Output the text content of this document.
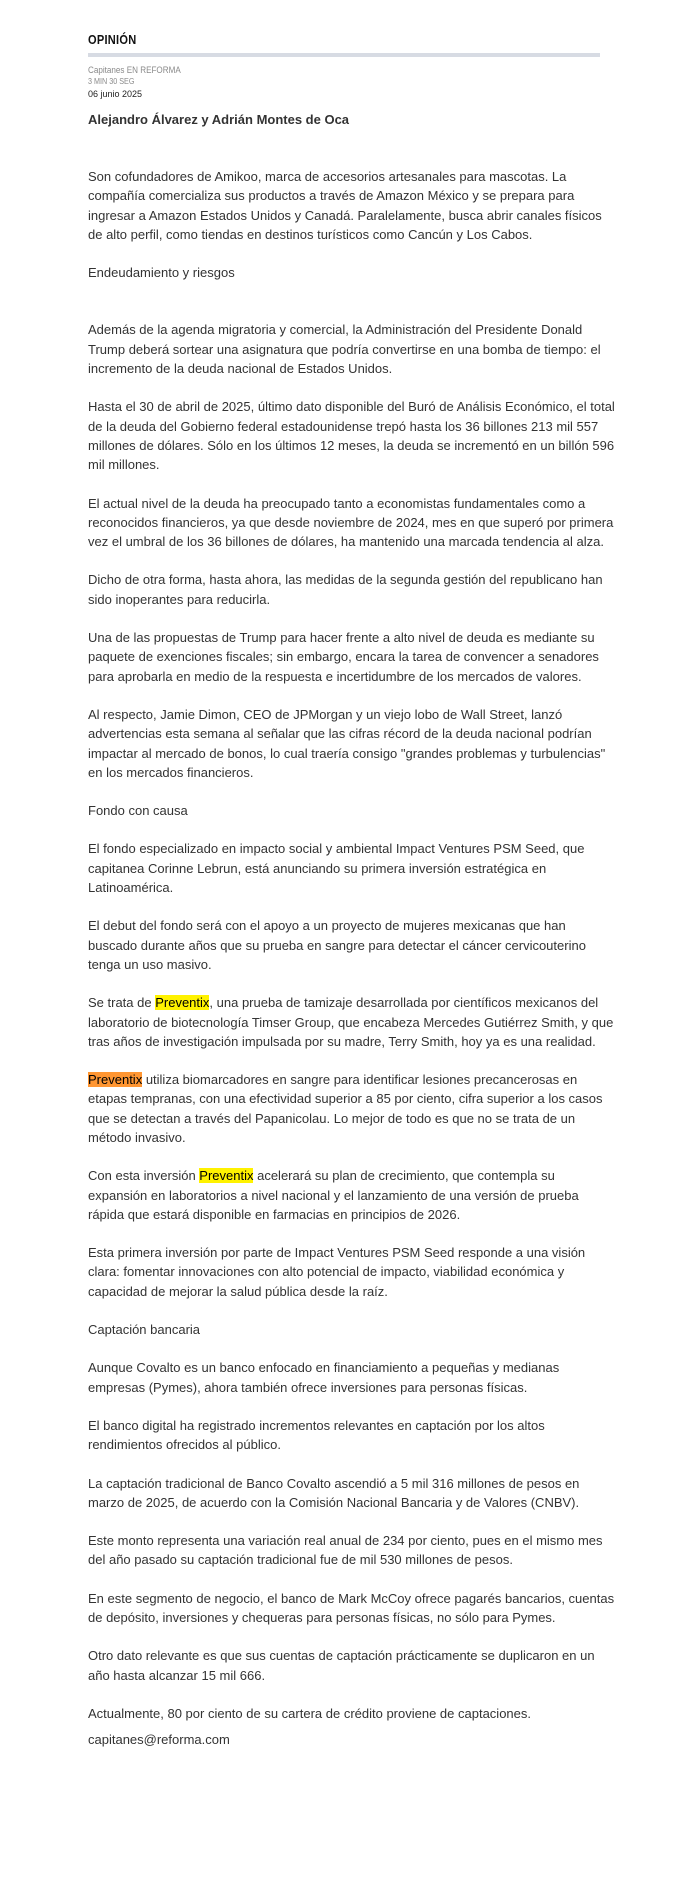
OPINIÓN
Capitanes EN REFORMA
3 MIN 30 SEG
06 junio 2025
Alejandro Álvarez y Adrián Montes de Oca

Son cofundadores de Amikoo, marca de accesorios artesanales para mascotas. La compañía comercializa sus productos a través de Amazon México y se prepara para ingresar a Amazon Estados Unidos y Canadá. Paralelamente, busca abrir canales físicos de alto perfil, como tiendas en destinos turísticos como Cancún y Los Cabos.

Endeudamiento y riesgos

Además de la agenda migratoria y comercial, la Administración del Presidente Donald Trump deberá sortear una asignatura que podría convertirse en una bomba de tiempo: el incremento de la deuda nacional de Estados Unidos.

Hasta el 30 de abril de 2025, último dato disponible del Buró de Análisis Económico, el total de la deuda del Gobierno federal estadounidense trepó hasta los 36 billones 213 mil 557 millones de dólares. Sólo en los últimos 12 meses, la deuda se incrementó en un billón 596 mil millones.

El actual nivel de la deuda ha preocupado tanto a economistas fundamentales como a reconocidos financieros, ya que desde noviembre de 2024, mes en que superó por primera vez el umbral de los 36 billones de dólares, ha mantenido una marcada tendencia al alza.

Dicho de otra forma, hasta ahora, las medidas de la segunda gestión del republicano han sido inoperantes para reducirla.

Una de las propuestas de Trump para hacer frente a alto nivel de deuda es mediante su paquete de exenciones fiscales; sin embargo, encara la tarea de convencer a senadores para aprobarla en medio de la respuesta e incertidumbre de los mercados de valores.

Al respecto, Jamie Dimon, CEO de JPMorgan y un viejo lobo de Wall Street, lanzó advertencias esta semana al señalar que las cifras récord de la deuda nacional podrían impactar al mercado de bonos, lo cual traería consigo "grandes problemas y turbulencias" en los mercados financieros.

Fondo con causa

El fondo especializado en impacto social y ambiental Impact Ventures PSM Seed, que capitanea Corinne Lebrun, está anunciando su primera inversión estratégica en Latinoamérica.

El debut del fondo será con el apoyo a un proyecto de mujeres mexicanas que han buscado durante años que su prueba en sangre para detectar el cáncer cervicouterino tenga un uso masivo.

Se trata de Preventix, una prueba de tamizaje desarrollada por científicos mexicanos del laboratorio de biotecnología Timser Group, que encabeza Mercedes Gutiérrez Smith, y que tras años de investigación impulsada por su madre, Terry Smith, hoy ya es una realidad.

Preventix utiliza biomarcadores en sangre para identificar lesiones precancerosas en etapas tempranas, con una efectividad superior a 85 por ciento, cifra superior a los casos que se detectan a través del Papanicolau. Lo mejor de todo es que no se trata de un método invasivo.

Con esta inversión Preventix acelerará su plan de crecimiento, que contempla su expansión en laboratorios a nivel nacional y el lanzamiento de una versión de prueba rápida que estará disponible en farmacias en principios de 2026.

Esta primera inversión por parte de Impact Ventures PSM Seed responde a una visión clara: fomentar innovaciones con alto potencial de impacto, viabilidad económica y capacidad de mejorar la salud pública desde la raíz.

Captación bancaria

Aunque Covalto es un banco enfocado en financiamiento a pequeñas y medianas empresas (Pymes), ahora también ofrece inversiones para personas físicas.

El banco digital ha registrado incrementos relevantes en captación por los altos rendimientos ofrecidos al público.

La captación tradicional de Banco Covalto ascendió a 5 mil 316 millones de pesos en marzo de 2025, de acuerdo con la Comisión Nacional Bancaria y de Valores (CNBV).

Este monto representa una variación real anual de 234 por ciento, pues en el mismo mes del año pasado su captación tradicional fue de mil 530 millones de pesos.

En este segmento de negocio, el banco de Mark McCoy ofrece pagarés bancarios, cuentas de depósito, inversiones y chequeras para personas físicas, no sólo para Pymes.

Otro dato relevante es que sus cuentas de captación prácticamente se duplicaron en un año hasta alcanzar 15 mil 666.

Actualmente, 80 por ciento de su cartera de crédito proviene de captaciones.

capitanes@reforma.com
